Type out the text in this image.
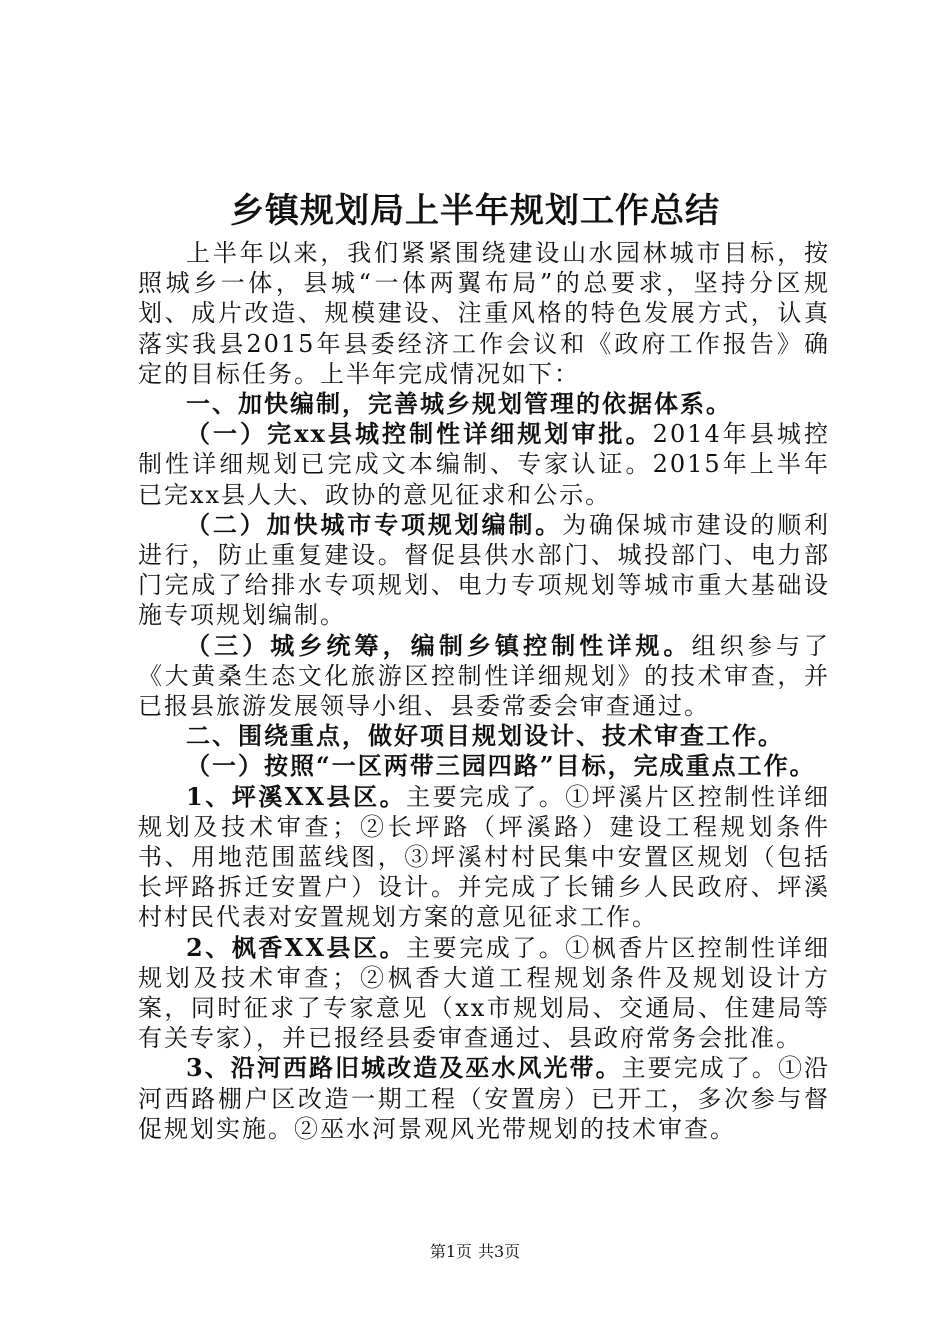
乡镇规划局上半年规划工作总结

上半年以来，我们紧紧围绕建设山水园林城市目标，按照城乡一体，县城“一体两翼布局”的总要求，坚持分区规划、成片改造、规模建设、注重风格的特色发展方式，认真落实我县2015年县委经济工作会议和《政府工作报告》确定的目标任务。上半年完成情况如下：

一、加快编制，完善城乡规划管理的依据体系。

（一）完xx县城控制性详细规划审批。2014年县城控制性详细规划已完成文本编制、专家认证。2015年上半年已完xx县人大、政协的意见征求和公示。

（二）加快城市专项规划编制。为确保城市建设的顺利进行，防止重复建设。督促县供水部门、城投部门、电力部门完成了给排水专项规划、电力专项规划等城市重大基础设施专项规划编制。

（三）城乡统筹，编制乡镇控制性详规。组织参与了《大黄桑生态文化旅游区控制性详细规划》的技术审查，并已报县旅游发展领导小组、县委常委会审查通过。

二、围绕重点，做好项目规划设计、技术审查工作。

（一）按照“一区两带三园四路”目标，完成重点工作。

1、坪溪XX县区。主要完成了。①坪溪片区控制性详细规划及技术审查；②长坪路（坪溪路）建设工程规划条件书、用地范围蓝线图，③坪溪村村民集中安置区规划（包括长坪路拆迁安置户）设计。并完成了长铺乡人民政府、坪溪村村民代表对安置规划方案的意见征求工作。

2、枫香XX县区。主要完成了。①枫香片区控制性详细规划及技术审查；②枫香大道工程规划条件及规划设计方案，同时征求了专家意见（xx市规划局、交通局、住建局等有关专家），并已报经县委审查通过、县政府常务会批准。

3、沿河西路旧城改造及巫水风光带。主要完成了。①沿河西路棚户区改造一期工程（安置房）已开工，多次参与督促规划实施。②巫水河景观风光带规划的技术审查。

第1页 共3页
